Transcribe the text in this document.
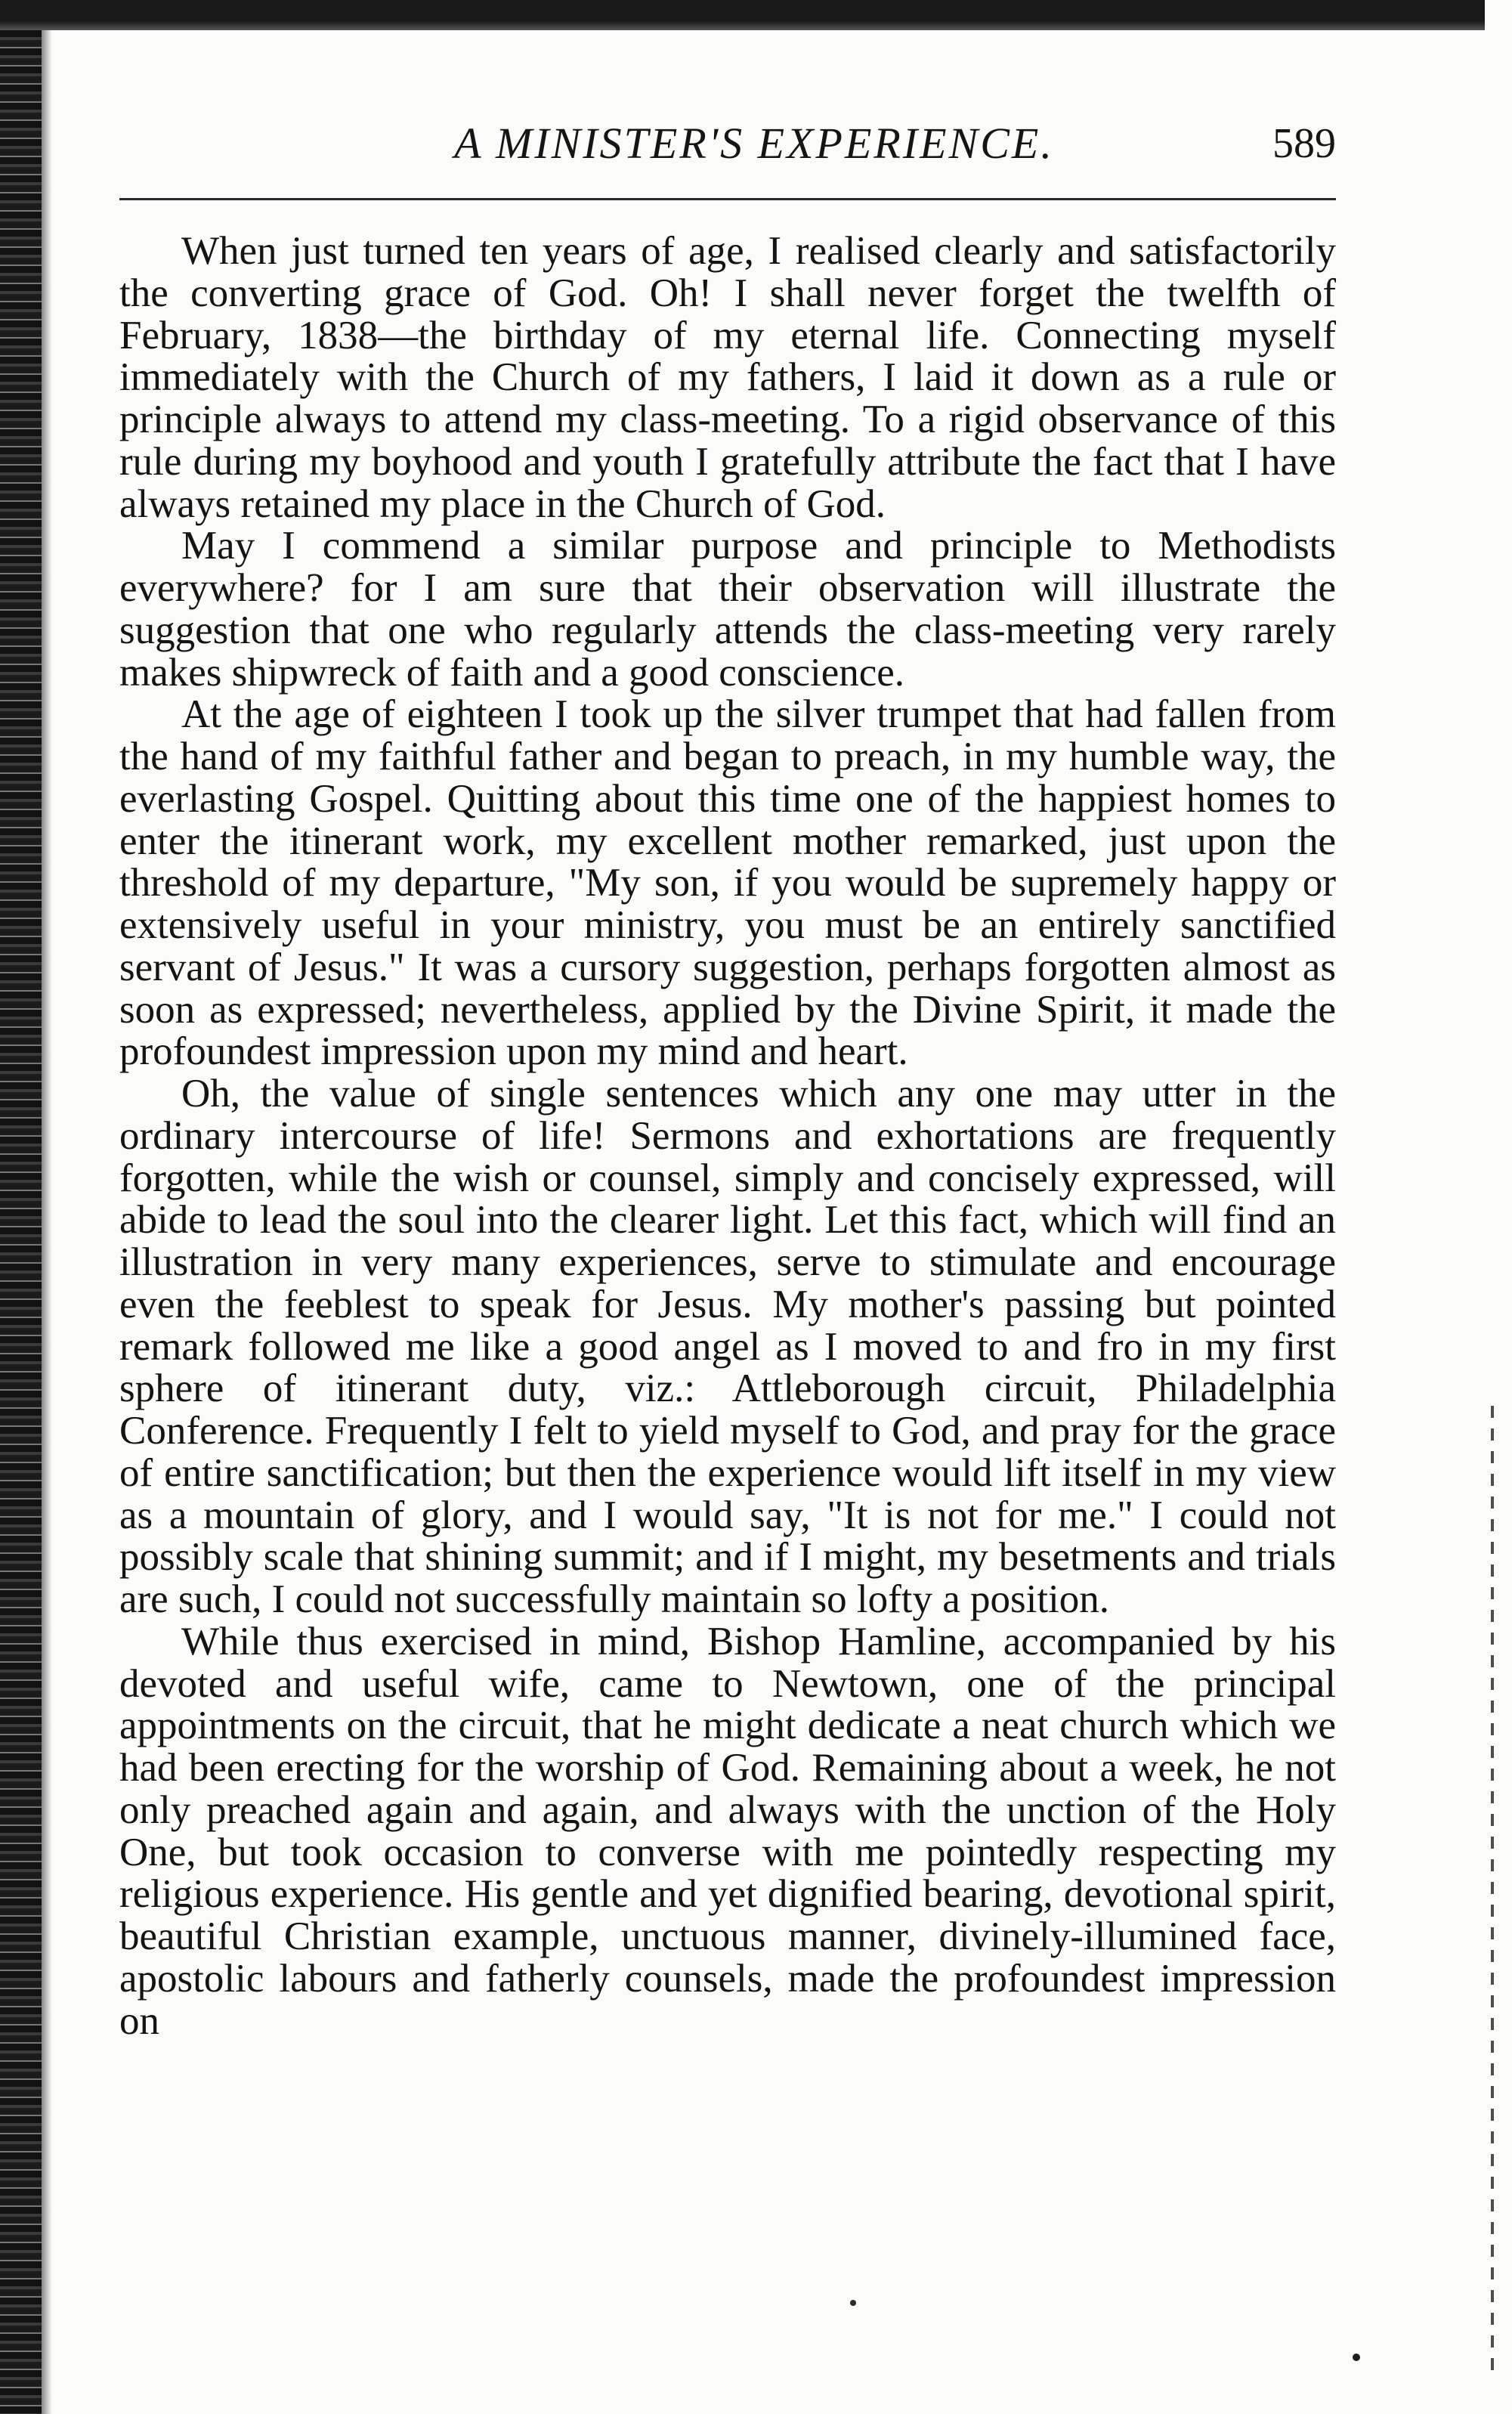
A MINISTER'S EXPERIENCE.	589

When just turned ten years of age, I realised clearly and satisfactorily the converting grace of God. Oh! I shall never forget the twelfth of February, 1838—the birthday of my eternal life. Connecting myself immediately with the Church of my fathers, I laid it down as a rule or principle always to attend my class-meeting. To a rigid observance of this rule during my boyhood and youth I gratefully attribute the fact that I have always retained my place in the Church of God.

May I commend a similar purpose and principle to Methodists everywhere? for I am sure that their observation will illustrate the suggestion that one who regularly attends the class-meeting very rarely makes shipwreck of faith and a good conscience.

At the age of eighteen I took up the silver trumpet that had fallen from the hand of my faithful father and began to preach, in my humble way, the everlasting Gospel. Quitting about this time one of the happiest homes to enter the itinerant work, my excellent mother remarked, just upon the threshold of my departure, "My son, if you would be supremely happy or extensively useful in your ministry, you must be an entirely sanctified servant of Jesus." It was a cursory suggestion, perhaps forgotten almost as soon as expressed; nevertheless, applied by the Divine Spirit, it made the profoundest impression upon my mind and heart.

Oh, the value of single sentences which any one may utter in the ordinary intercourse of life! Sermons and exhortations are frequently forgotten, while the wish or counsel, simply and concisely expressed, will abide to lead the soul into the clearer light. Let this fact, which will find an illustration in very many experiences, serve to stimulate and encourage even the feeblest to speak for Jesus. My mother's passing but pointed remark followed me like a good angel as I moved to and fro in my first sphere of itinerant duty, viz.: Attleborough circuit, Philadelphia Conference. Frequently I felt to yield myself to God, and pray for the grace of entire sanctification; but then the experience would lift itself in my view as a mountain of glory, and I would say, "It is not for me." I could not possibly scale that shining summit; and if I might, my besetments and trials are such, I could not successfully maintain so lofty a position.

While thus exercised in mind, Bishop Hamline, accompanied by his devoted and useful wife, came to Newtown, one of the principal appointments on the circuit, that he might dedicate a neat church which we had been erecting for the worship of God. Remaining about a week, he not only preached again and again, and always with the unction of the Holy One, but took occasion to converse with me pointedly respecting my religious experience. His gentle and yet dignified bearing, devotional spirit, beautiful Christian example, unctuous manner, divinely-illumined face, apostolic labours and fatherly counsels, made the profoundest impression on
